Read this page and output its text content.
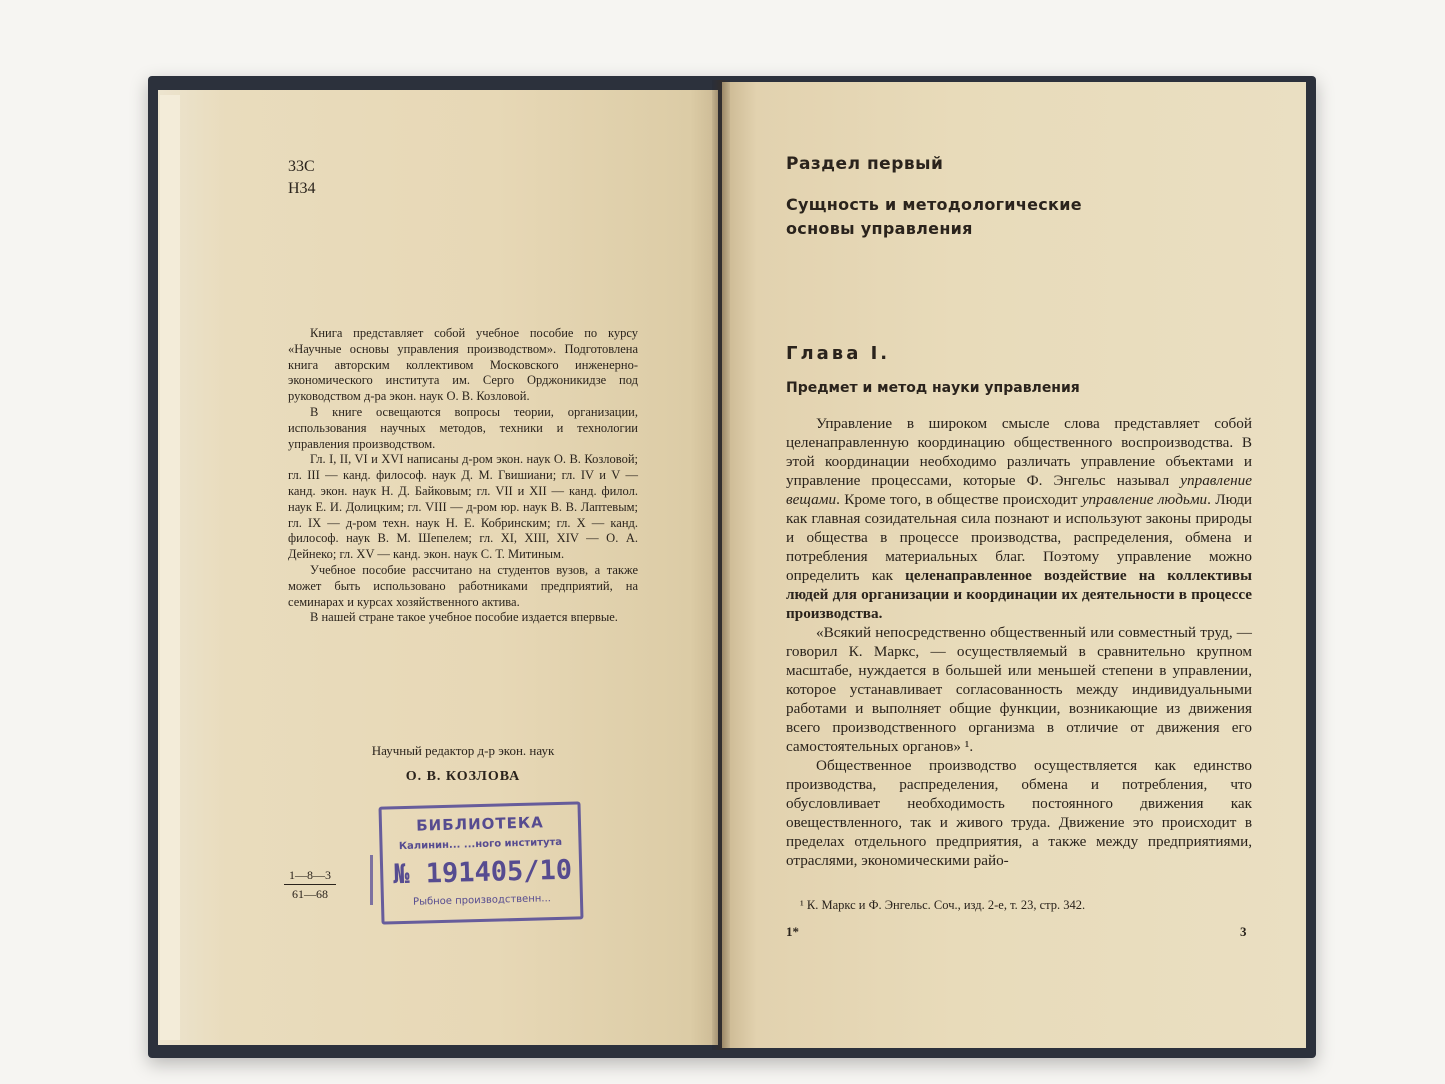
33С
Н34

Книга представляет собой учебное пособие по курсу «Научные основы управления производством». Подготовлена книга авторским коллективом Московского инженерно-экономического института им. Серго Орджоникидзе под руководством д-ра экон. наук О. В. Козловой.

В книге освещаются вопросы теории, организации, использования научных методов, техники и технологии управления производством.

Гл. I, II, VI и XVI написаны д-ром экон. наук О. В. Козловой; гл. III — канд. философ. наук Д. М. Гвишиани; гл. IV и V — канд. экон. наук Н. Д. Байковым; гл. VII и XII — канд. филол. наук Е. И. Долицким; гл. VIII — д-ром юр. наук В. В. Лаптевым; гл. IX — д-ром техн. наук Н. Е. Кобринским; гл. X — канд. философ. наук В. М. Шепелем; гл. XI, XIII, XIV — О. А. Дейнеко; гл. XV — канд. экон. наук С. Т. Митиным.

Учебное пособие рассчитано на студентов вузов, а также может быть использовано работниками предприятий, на семинарах и курсах хозяйственного актива.

В нашей стране такое учебное пособие издается впервые.

Научный редактор д-р экон. наук
О. В. КОЗЛОВА
1—8—3
61—68
БИБЛИОТЕКА
Калинин... ...ного института
№ 191405/10
Рыбное производственн...
Раздел первый
Сущность и методологические
основы управления
Глава I.
Предмет и метод науки управления

Управление в широком смысле слова представляет собой целенаправленную координацию общественного воспроизводства. В этой координации необходимо различать управление объектами и управление процессами, которые Ф. Энгельс называл управление вещами. Кроме того, в обществе происходит управление людьми. Люди как главная созидательная сила познают и используют законы природы и общества в процессе производства, распределения, обмена и потребления материальных благ. Поэтому управление можно определить как целенаправленное воздействие на коллективы людей для организации и координации их деятельности в процессе производства.

«Всякий непосредственно общественный или совместный труд, — говорил К. Маркс, — осуществляемый в сравнительно крупном масштабе, нуждается в большей или меньшей степени в управлении, которое устанавливает согласованность между индивидуальными работами и выполняет общие функции, возникающие из движения всего производственного организма в отличие от движения его самостоятельных органов» ¹.

Общественное производство осуществляется как единство производства, распределения, обмена и потребления, что обусловливает необходимость постоянного движения как овеществленного, так и живого труда. Движение это происходит в пределах отдельного предприятия, а также между предприятиями, отраслями, экономическими райо-

¹ К. Маркс и Ф. Энгельс. Соч., изд. 2-е, т. 23, стр. 342.
1*	3
